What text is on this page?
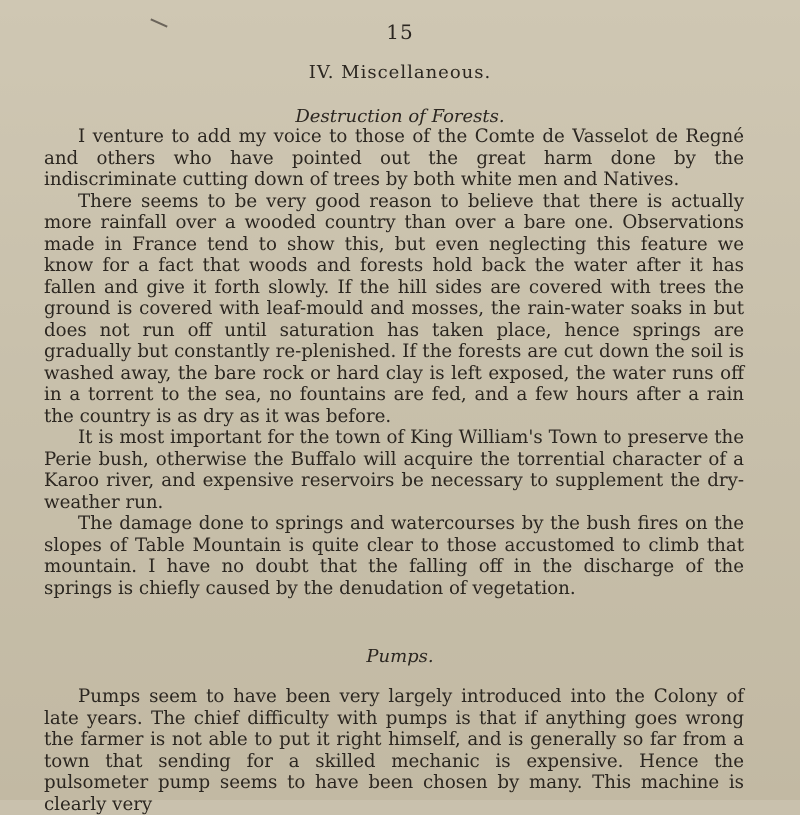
15
IV. Miscellaneous.
Destruction of Forests.

I venture to add my voice to those of the Comte de Vasselot de Regné and others who have pointed out the great harm done by the indiscriminate cutting down of trees by both white men and Natives.

There seems to be very good reason to believe that there is actually more rainfall over a wooded country than over a bare one. Observations made in France tend to show this, but even neglecting this feature we know for a fact that woods and forests hold back the water after it has fallen and give it forth slowly. If the hill sides are covered with trees the ground is covered with leaf-mould and mosses, the rain-water soaks in but does not run off until saturation has taken place, hence springs are gradually but constantly re-plenished. If the forests are cut down the soil is washed away, the bare rock or hard clay is left exposed, the water runs off in a torrent to the sea, no fountains are fed, and a few hours after a rain the country is as dry as it was before.

It is most important for the town of King William's Town to preserve the Perie bush, otherwise the Buffalo will acquire the torrential character of a Karoo river, and expensive reservoirs be necessary to supplement the dry-weather run.

The damage done to springs and watercourses by the bush fires on the slopes of Table Mountain is quite clear to those accustomed to climb that mountain. I have no doubt that the falling off in the discharge of the springs is chiefly caused by the denudation of vegetation.

Pumps.

Pumps seem to have been very largely introduced into the Colony of late years. The chief difficulty with pumps is that if anything goes wrong the farmer is not able to put it right himself, and is generally so far from a town that sending for a skilled mechanic is expensive. Hence the pulsometer pump seems to have been chosen by many. This machine is clearly very
